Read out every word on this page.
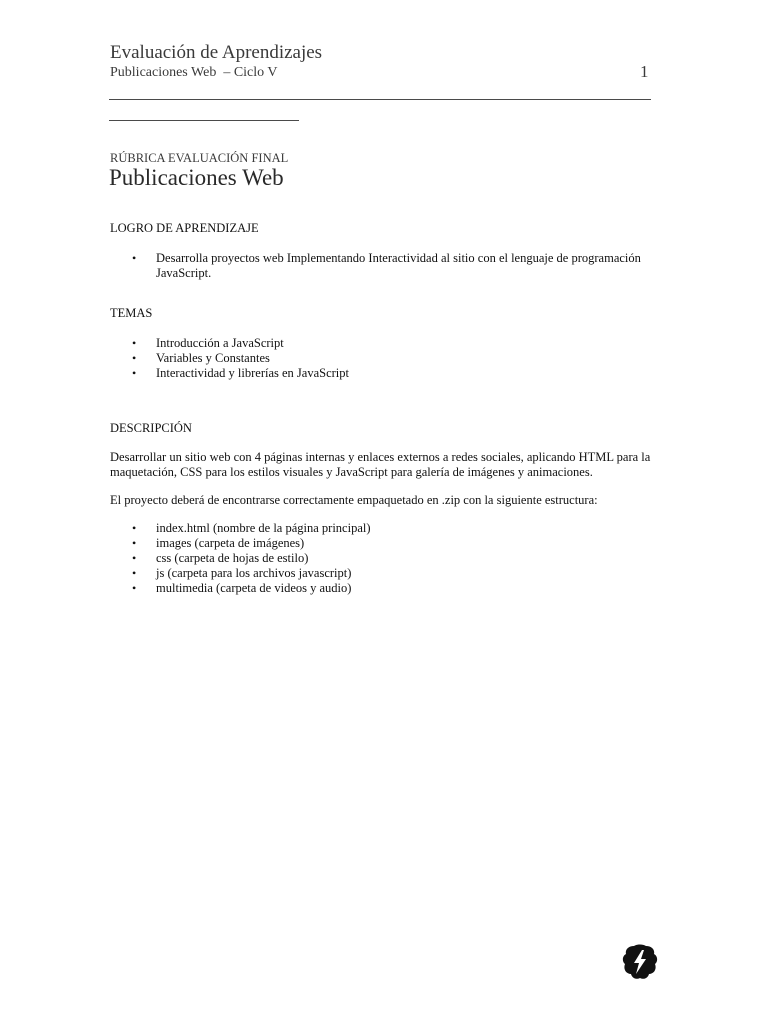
Evaluación de Aprendizajes
Publicaciones Web  – Ciclo V	1
RÚBRICA EVALUACIÓN FINAL
Publicaciones Web
LOGRO DE APRENDIZAJE
• Desarrolla proyectos web Implementando Interactividad al sitio con el lenguaje de programación JavaScript.
TEMAS
• Introducción a JavaScript
• Variables y Constantes
• Interactividad y librerías en JavaScript
DESCRIPCIÓN
Desarrollar un sitio web con 4 páginas internas y enlaces externos a redes sociales, aplicando HTML para la maquetación, CSS para los estilos visuales y JavaScript para galería de imágenes y animaciones.
El proyecto deberá de encontrarse correctamente empaquetado en .zip con la siguiente estructura:
• index.html (nombre de la página principal)
• images (carpeta de imágenes)
• css (carpeta de hojas de estilo)
• js (carpeta para los archivos javascript)
• multimedia (carpeta de videos y audio)
